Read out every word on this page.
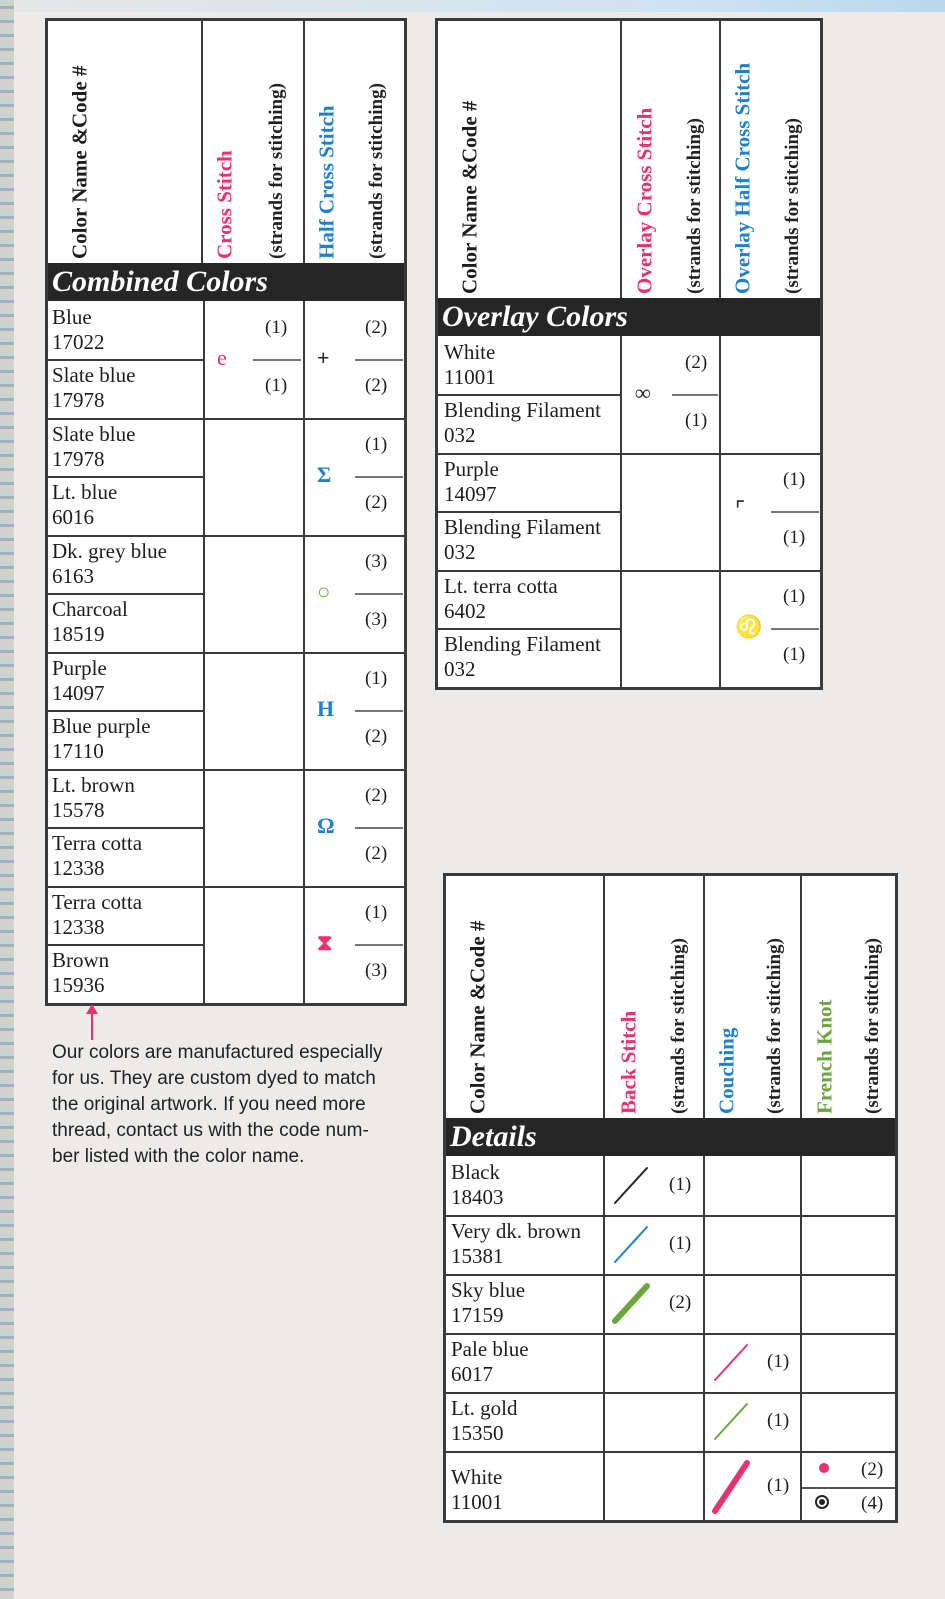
Color Name &

Code #
Cross Stitch (strands for stitching) Half Cross Stitch (strands for stitching)
Combined Colors
Blue
17022
Slate blue
17978
e
(1)
(1)
+
(2)
(2)
Slate blue
17978
Lt. blue
6016
Σ
(1)
(2)
Dk. grey blue
6163
Charcoal
18519
○
(3)
(3)
Purple
14097
Blue purple
17110
H
(1)
(2)
Lt. brown
15578
Terra cotta
12338
Ω
(2)
(2)
Terra cotta
12338
Brown
15936
⧗
(1)
(3)
Our colors are manufactured especially
for us. They are custom dyed to match
the original artwork. If you need more
thread, contact us with the code num-
ber listed with the color name.
Color Name &

Code #	Overlay Cross Stitch (strands for stitching) Overlay Half Cross Stitch (strands for stitching)
Overlay Colors
White
11001
Blending Filament
032
∞
(2)
(1)
Purple
14097
Blending Filament
032
⌜
(1)
(1)
Lt. terra cotta
6402
Blending Filament
032
♌
(1)
(1)
Color Name &

Code #
Back Stitch (strands for stitching) Couching (strands for stitching) French Knot (strands for stitching)
Details
Black
18403
(1)
Very dk. brown
15381
(1)
Sky blue
17159
(2)
Pale blue
6017
(1)
Lt. gold
15350
(1)
White
11001
(1)
(2)
(4)
